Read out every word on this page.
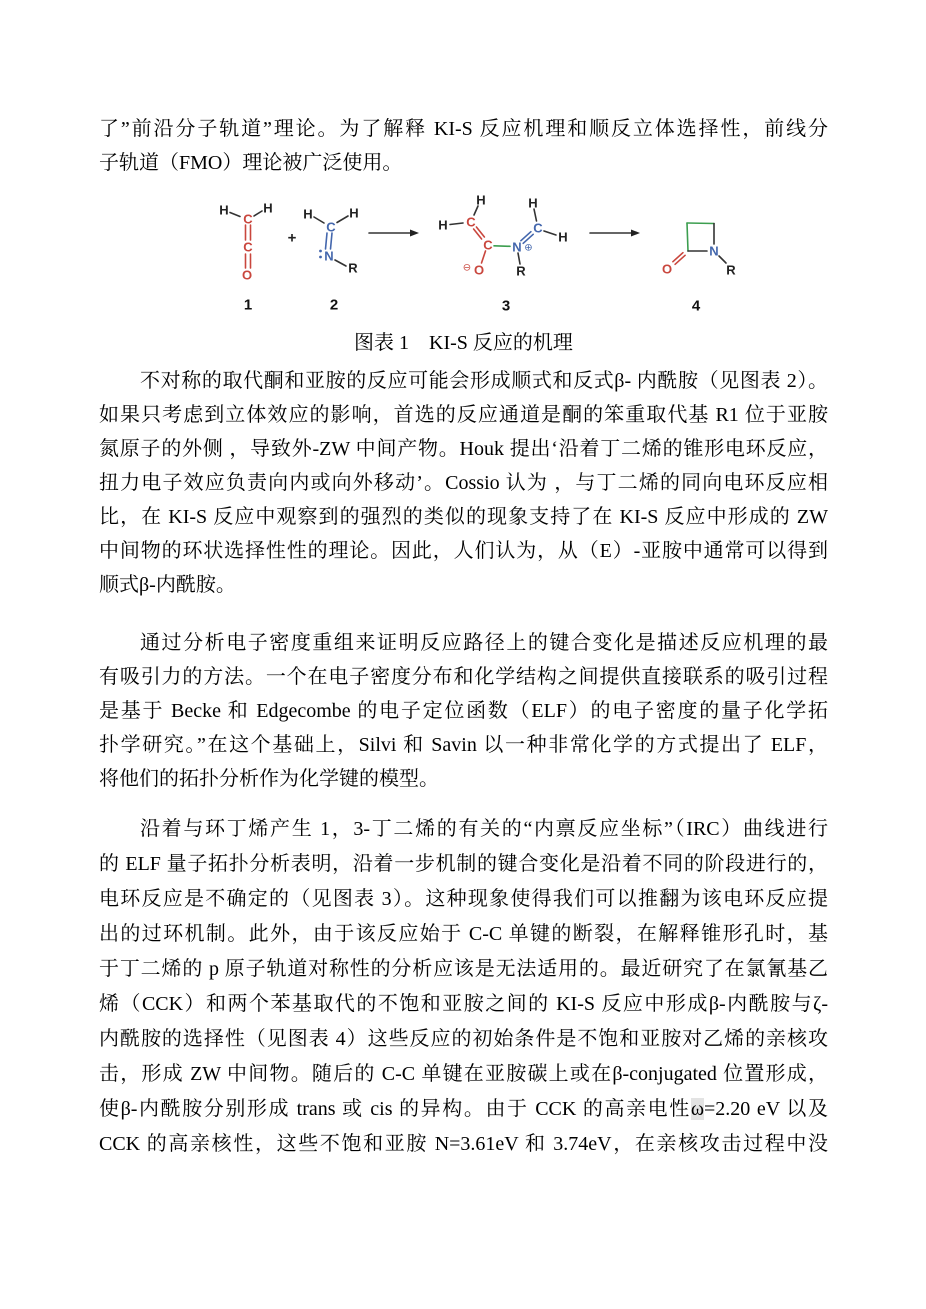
了”前沿分子轨道”理论。为了解释 KI-S 反应机理和顺反立体选择性，前线分
子轨道（FMO）理论被广泛使用。
H	H
C
C
O
1
+
H	H
C
N
R
2
H
H C
C N ⊕
C
H
H
O
⊖	R
3
O
N
R
4
图表 1　KI-S 反应的机理
不对称的取代酮和亚胺的反应可能会形成顺式和反式β- 内酰胺（见图表 2）。
如果只考虑到立体效应的影响，首选的反应通道是酮的笨重取代基 R1 位于亚胺
氮原子的外侧 ，导致外-ZW 中间产物。Houk 提出‘沿着丁二烯的锥形电环反应，
扭力电子效应负责向内或向外移动’。Cossio 认为 ，与丁二烯的同向电环反应相
比，在 KI-S 反应中观察到的强烈的类似的现象支持了在 KI-S 反应中形成的 ZW
中间物的环状选择性性的理论。因此，人们认为，从（E）-亚胺中通常可以得到
顺式β-内酰胺。
通过分析电子密度重组来证明反应路径上的键合变化是描述反应机理的最
有吸引力的方法。一个在电子密度分布和化学结构之间提供直接联系的吸引过程
是基于 Becke 和 Edgecombe 的电子定位函数（ELF）的电子密度的量子化学拓
扑学研究。”在这个基础上，Silvi 和 Savin 以一种非常化学的方式提出了 ELF，
将他们的拓扑分析作为化学键的模型。
沿着与环丁烯产生 1，3-丁二烯的有关的“内禀反应坐标”（IRC）曲线进行
的 ELF 量子拓扑分析表明，沿着一步机制的键合变化是沿着不同的阶段进行的，
电环反应是不确定的（见图表 3）。这种现象使得我们可以推翻为该电环反应提
出的过环机制。此外，由于该反应始于 C-C 单键的断裂，在解释锥形孔时，基
于丁二烯的 p 原子轨道对称性的分析应该是无法适用的。最近研究了在氯氰基乙
烯（CCK）和两个苯基取代的不饱和亚胺之间的 KI-S 反应中形成β-内酰胺与ζ-
内酰胺的选择性（见图表 4）这些反应的初始条件是不饱和亚胺对乙烯的亲核攻
击，形成 ZW 中间物。随后的 C-C 单键在亚胺碳上或在β-conjugated 位置形成，
使β-内酰胺分别形成 trans 或 cis 的异构。由于 CCK 的高亲电性ω=2.20 eV 以及
CCK 的高亲核性，这些不饱和亚胺 N=3.61eV 和 3.74eV，在亲核攻击过程中没
